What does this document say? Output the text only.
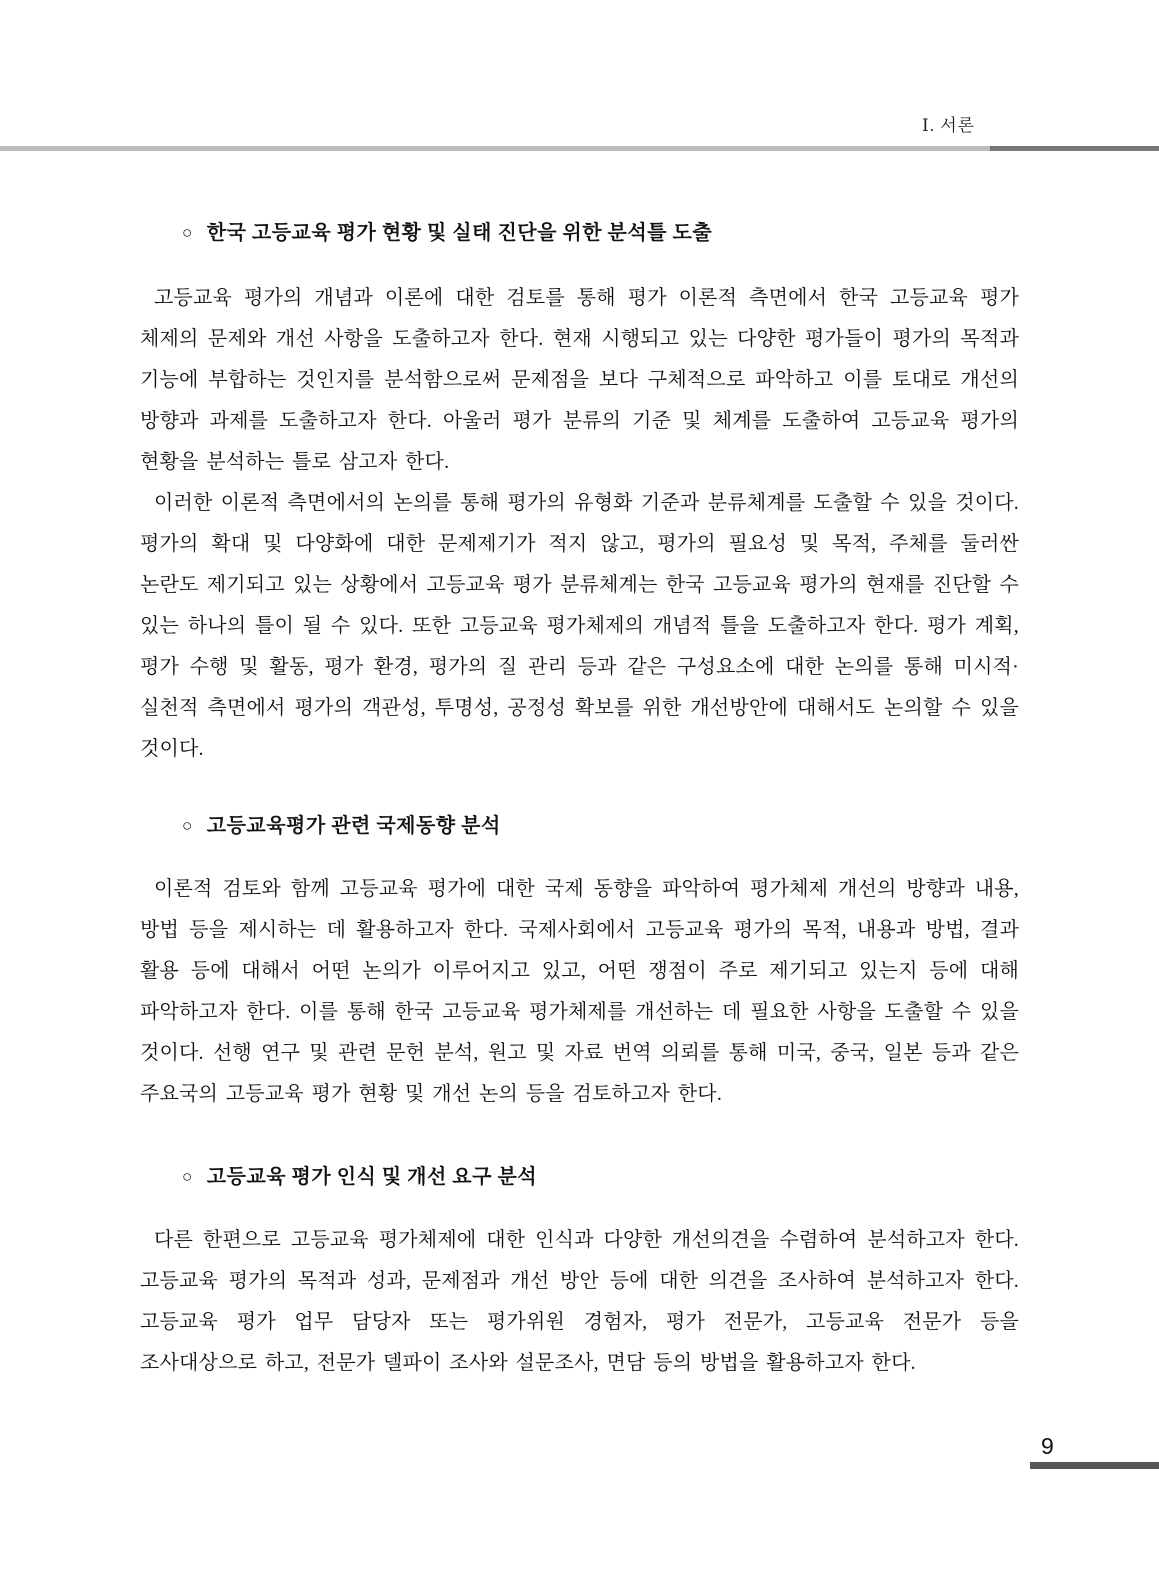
Ⅰ. 서론
○ 한국 고등교육 평가 현황 및 실태 진단을 위한 분석틀 도출

고등교육 평가의 개념과 이론에 대한 검토를 통해 평가 이론적 측면에서 한국 고등교육 평가 체제의 문제와 개선 사항을 도출하고자 한다. 현재 시행되고 있는 다양한 평가들이 평가의 목적과 기능에 부합하는 것인지를 분석함으로써 문제점을 보다 구체적으로 파악하고 이를 토대로 개선의 방향과 과제를 도출하고자 한다. 아울러 평가 분류의 기준 및 체계를 도출하여 고등교육 평가의 현황을 분석하는 틀로 삼고자 한다.

이러한 이론적 측면에서의 논의를 통해 평가의 유형화 기준과 분류체계를 도출할 수 있을 것이다. 평가의 확대 및 다양화에 대한 문제제기가 적지 않고, 평가의 필요성 및 목적, 주체를 둘러싼 논란도 제기되고 있는 상황에서 고등교육 평가 분류체계는 한국 고등교육 평가의 현재를 진단할 수 있는 하나의 틀이 될 수 있다. 또한 고등교육 평가체제의 개념적 틀을 도출하고자 한다. 평가 계획, 평가 수행 및 활동, 평가 환경, 평가의 질 관리 등과 같은 구성요소에 대한 논의를 통해 미시적·실천적 측면에서 평가의 객관성, 투명성, 공정성 확보를 위한 개선방안에 대해서도 논의할 수 있을 것이다.

○ 고등교육평가 관련 국제동향 분석

이론적 검토와 함께 고등교육 평가에 대한 국제 동향을 파악하여 평가체제 개선의 방향과 내용, 방법 등을 제시하는 데 활용하고자 한다. 국제사회에서 고등교육 평가의 목적, 내용과 방법, 결과 활용 등에 대해서 어떤 논의가 이루어지고 있고, 어떤 쟁점이 주로 제기되고 있는지 등에 대해 파악하고자 한다. 이를 통해 한국 고등교육 평가체제를 개선하는 데 필요한 사항을 도출할 수 있을 것이다. 선행 연구 및 관련 문헌 분석, 원고 및 자료 번역 의뢰를 통해 미국, 중국, 일본 등과 같은 주요국의 고등교육 평가 현황 및 개선 논의 등을 검토하고자 한다.

○ 고등교육 평가 인식 및 개선 요구 분석

다른 한편으로 고등교육 평가체제에 대한 인식과 다양한 개선의견을 수렴하여 분석하고자 한다. 고등교육 평가의 목적과 성과, 문제점과 개선 방안 등에 대한 의견을 조사하여 분석하고자 한다. 고등교육 평가 업무 담당자 또는 평가위원 경험자, 평가 전문가, 고등교육 전문가 등을 조사대상으로 하고, 전문가 델파이 조사와 설문조사, 면담 등의 방법을 활용하고자 한다.

9
